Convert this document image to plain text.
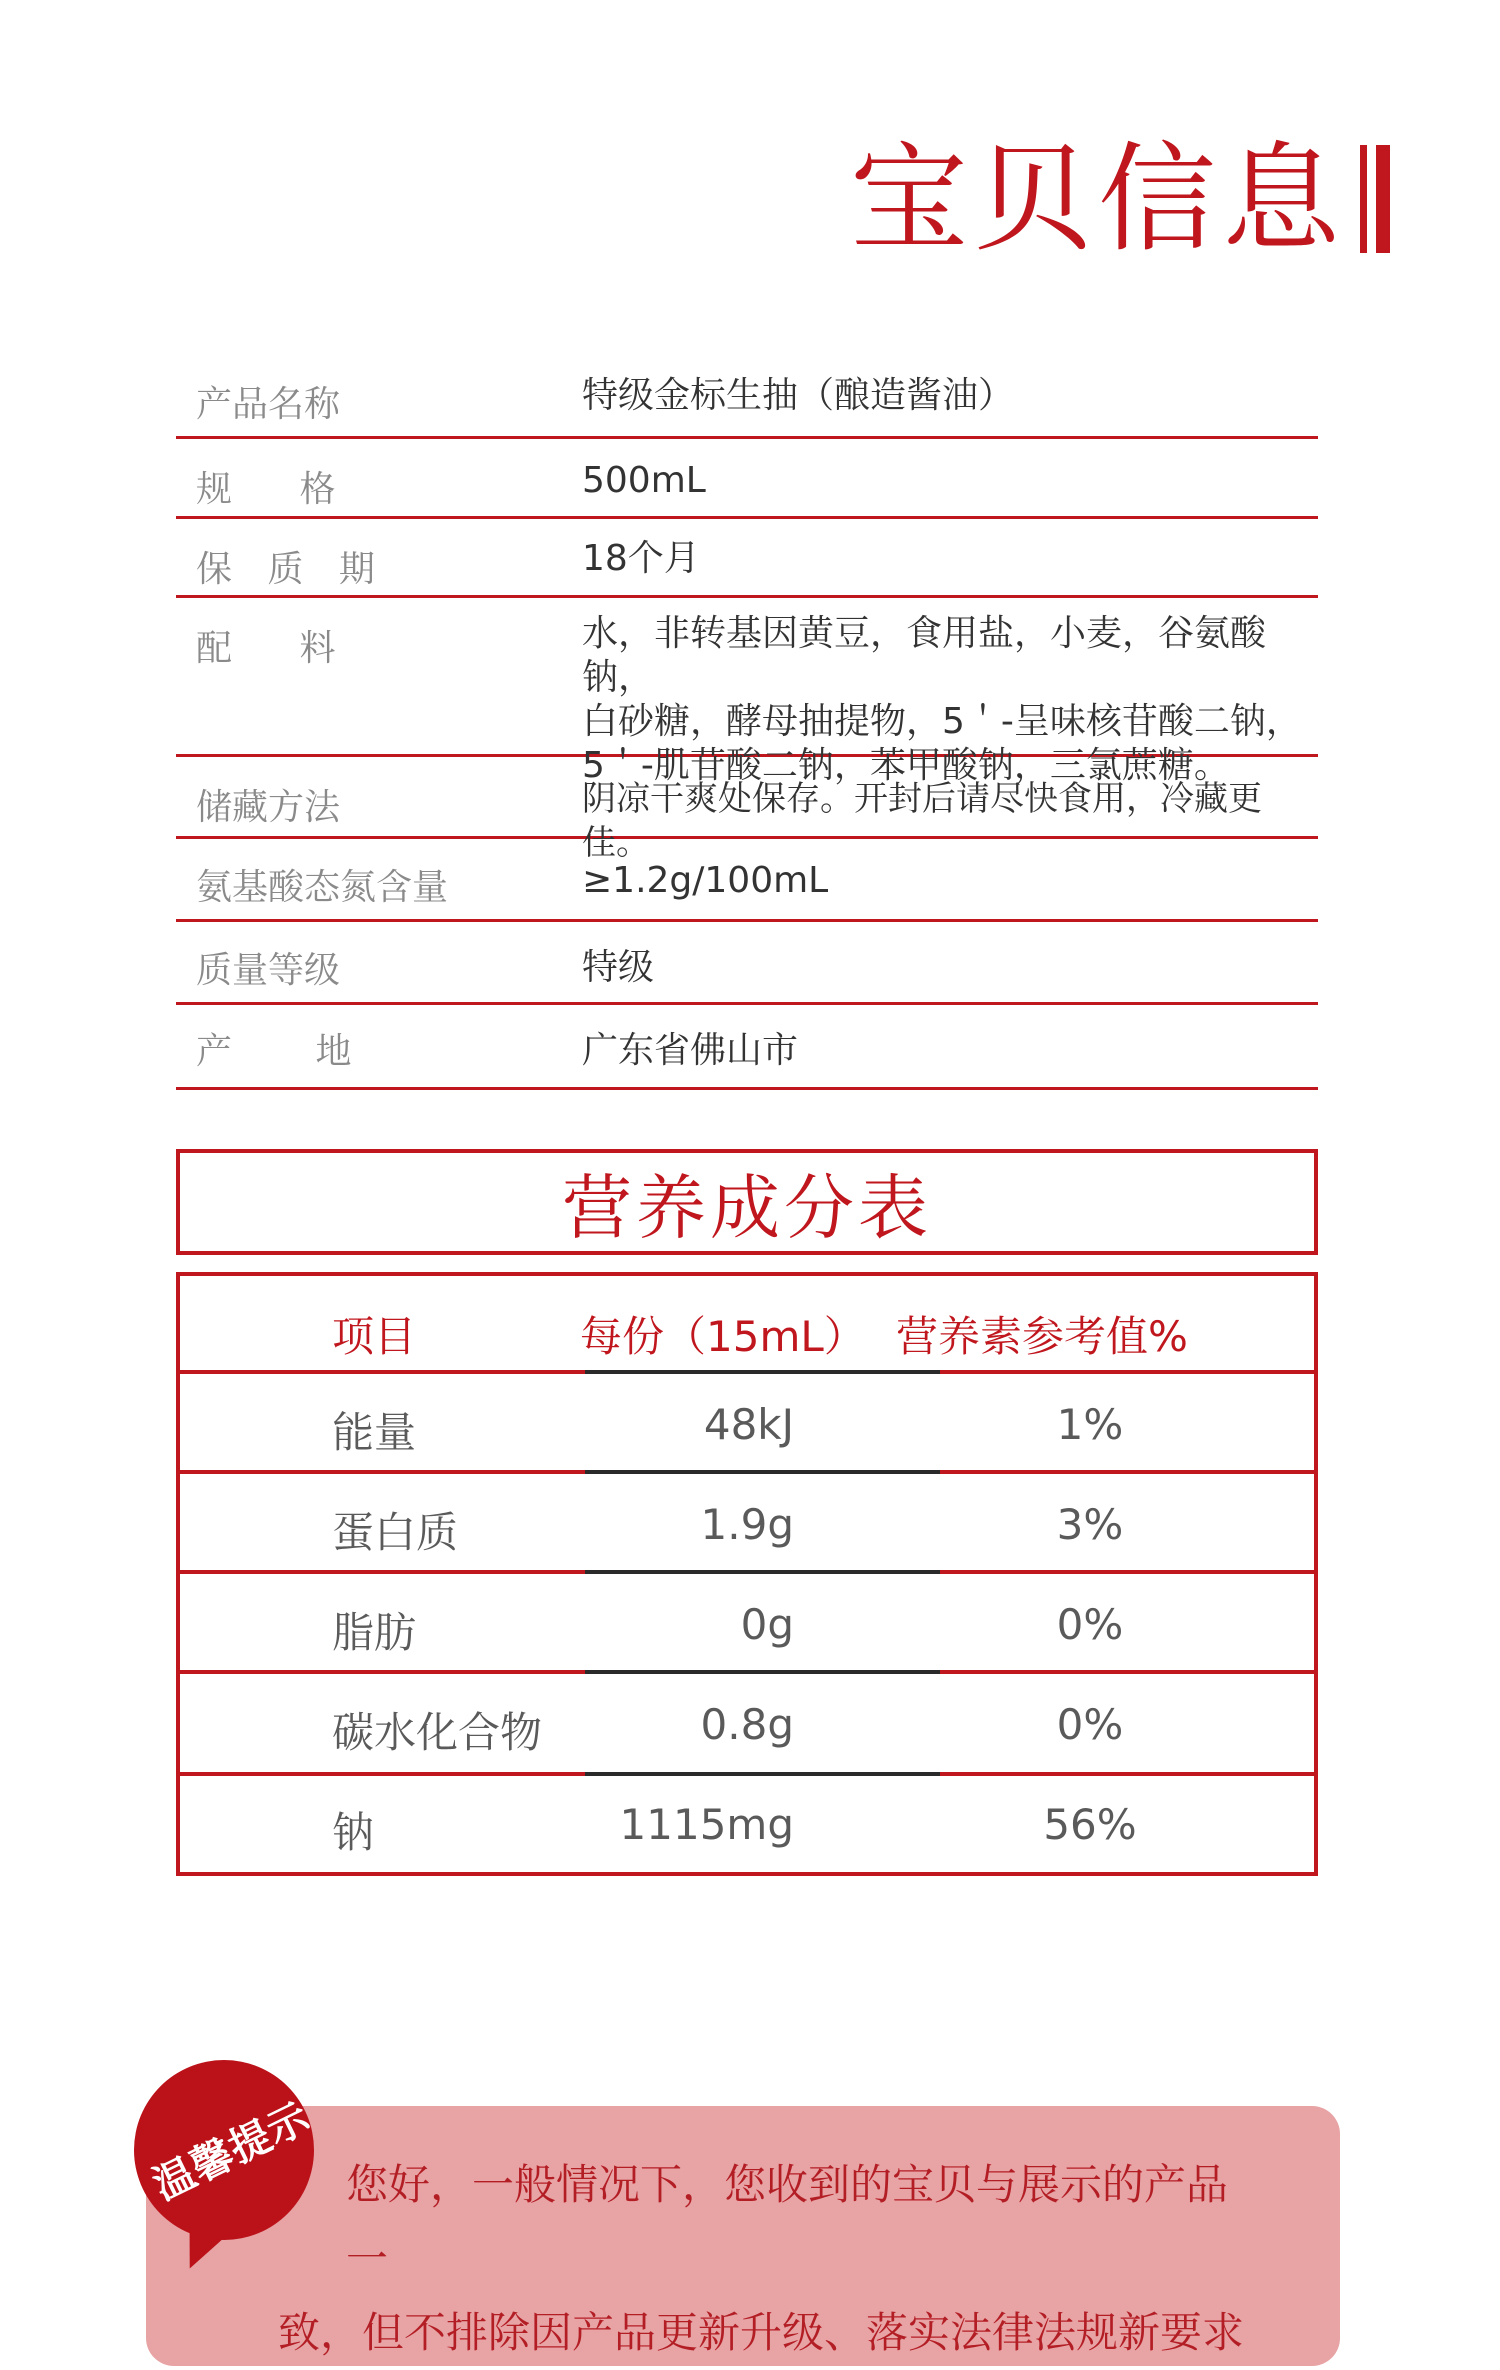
宝贝信息
产品名称	特级金标生抽（酿造酱油）
规 格	500mL
保 质 期	18个月
配 料	水，非转基因黄豆，食用盐，小麦，谷氨酸钠，
白砂糖，酵母抽提物，5＇-呈味核苷酸二钠，
5＇-肌苷酸二钠，苯甲酸钠，三氯蔗糖。
储藏方法	阴凉干爽处保存。开封后请尽快食用，冷藏更佳。
氨基酸态氮含量	≥1.2g/100mL
质量等级	特级
产 地	广东省佛山市
营养成分表
项目	每份（15mL） 营养素参考值%
能量	48kJ	1%
蛋白质	1.9g	3%
脂肪	0g	0%
碳水化合物	0.8g	0%
钠	1115mg	56%
您好，一般情况下，您收到的宝贝与展示的产品一
致，但不排除因产品更新升级、落实法律法规新要求
温馨提示
